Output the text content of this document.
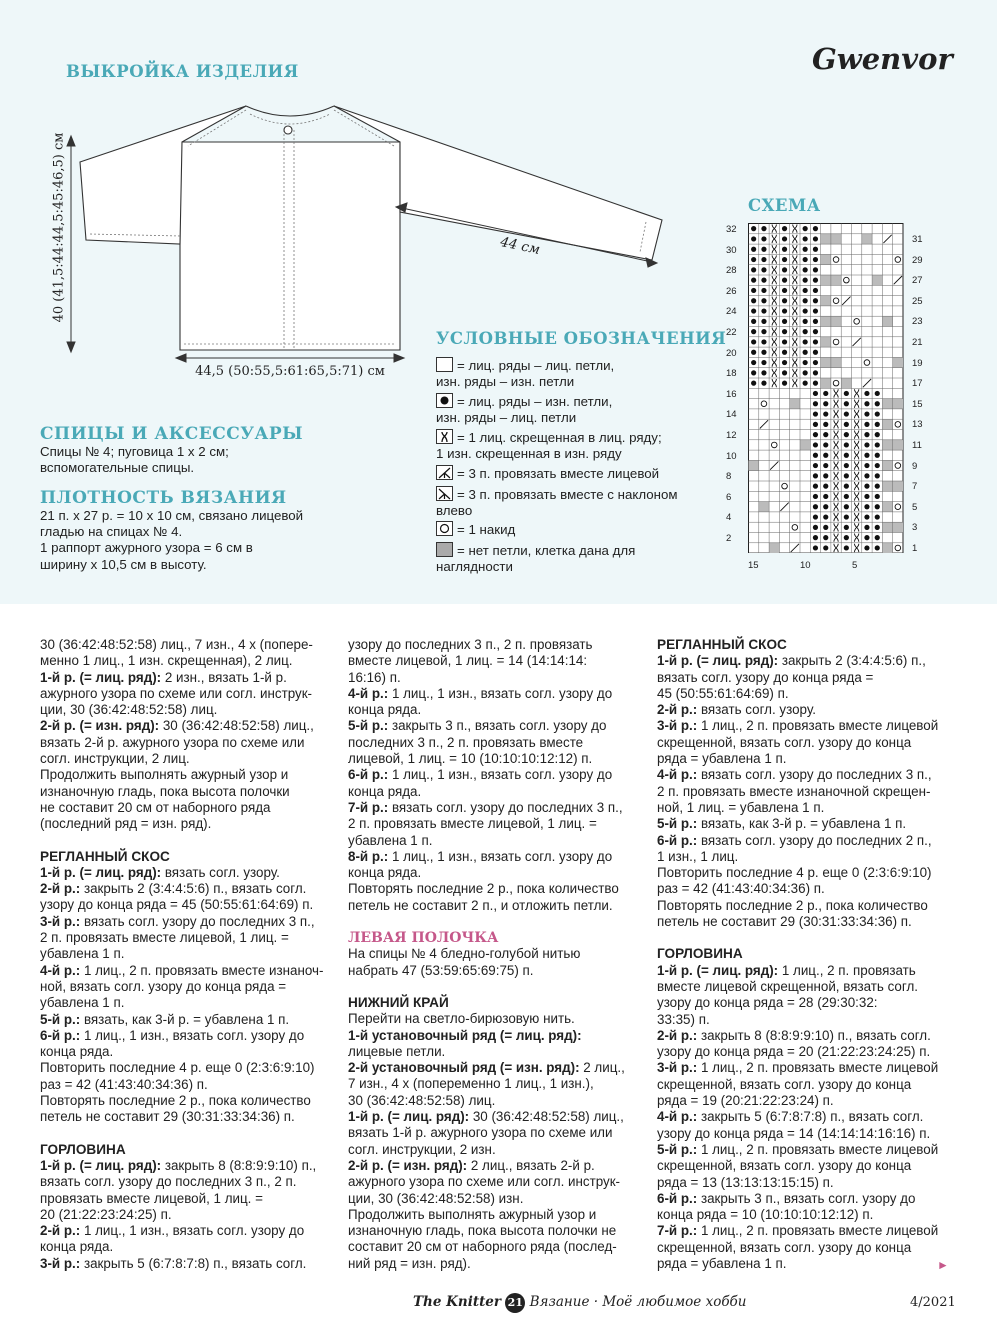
ВЫКРОЙКА ИЗДЕЛИЯ	Gwenvor
40 (41,5:44:44,5:45:46,5) см	44 см
44,5 (50:55,5:61:65,5:71) см
СХЕМА
32
30
28
26
24
22
20
18
16
14
12
10
8
6
4
2
31
29
27
25
23
21
19
17
15
13
11
9
7
5
3
1
15	10	5
УСЛОВНЫЕ ОБОЗНАЧЕНИЯ
= лиц. ряды – лиц. петли,
изн. ряды – изн. петли
= лиц. ряды – изн. петли,
изн. ряды – лиц. петли
= 1 лиц. скрещенная в лиц. ряду;
1 изн. скрещенная в изн. ряду
= 3 п. провязать вместе лицевой
= 3 п. провязать вместе с наклоном
влево
= 1 накид
= нет петли, клетка дана для
наглядности
СПИЦЫ И АКСЕССУАРЫ
Спицы № 4; пуговица 1 х 2 см;
вспомогательные спицы.
ПЛОТНОСТЬ ВЯЗАНИЯ
21 п. х 27 р. = 10 х 10 см, связано лицевой
гладью на спицах № 4.
1 раппорт ажурного узора = 6 см в
ширину х 10,5 см в высоту.

30 (36:42:48:52:58) лиц., 7 изн., 4 х (попере-
менно 1 лиц., 1 изн. скрещенная), 2 лиц.

1-й р. (= лиц. ряд): 2 изн., вязать 1-й р.
ажурного узора по схеме или согл. инструк-
ции, 30 (36:42:48:52:58) лиц.

2-й р. (= изн. ряд): 30 (36:42:48:52:58) лиц.,
вязать 2-й р. ажурного узора по схеме или
согл. инструкции, 2 лиц.

Продолжить выполнять ажурный узор и
изнаночную гладь, пока высота полочки
не составит 20 см от наборного ряда
(последний ряд = изн. ряд).

РЕГЛАННЫЙ СКОС

1-й р. (= лиц. ряд): вязать согл. узору.

2-й р.: закрыть 2 (3:4:4:5:6) п., вязать согл.
узору до конца ряда = 45 (50:55:61:64:69) п.

3-й р.: вязать согл. узору до последних 3 п.,
2 п. провязать вместе лицевой, 1 лиц. =
убавлена 1 п.

4-й р.: 1 лиц., 2 п. провязать вместе изнаноч-
ной, вязать согл. узору до конца ряда =
убавлена 1 п.

5-й р.: вязать, как 3-й р. = убавлена 1 п.

6-й р.: 1 лиц., 1 изн., вязать согл. узору до
конца ряда.

Повторить последние 4 р. еще 0 (2:3:6:9:10)
раз = 42 (41:43:40:34:36) п.
Повторять последние 2 р., пока количество
петель не составит 29 (30:31:33:34:36) п.

ГОРЛОВИНА

1-й р. (= лиц. ряд): закрыть 8 (8:8:9:9:10) п.,
вязать согл. узору до последних 3 п., 2 п.
провязать вместе лицевой, 1 лиц. =
20 (21:22:23:24:25) п.

2-й р.: 1 лиц., 1 изн., вязать согл. узору до
конца ряда.

3-й р.: закрыть 5 (6:7:8:7:8) п., вязать согл.

узору до последних 3 п., 2 п. провязать
вместе лицевой, 1 лиц. = 14 (14:14:14:
16:16) п.

4-й р.: 1 лиц., 1 изн., вязать согл. узору до
конца ряда.

5-й р.: закрыть 3 п., вязать согл. узору до
последних 3 п., 2 п. провязать вместе
лицевой, 1 лиц. = 10 (10:10:10:12:12) п.

6-й р.: 1 лиц., 1 изн., вязать согл. узору до
конца ряда.

7-й р.: вязать согл. узору до последних 3 п.,
2 п. провязать вместе лицевой, 1 лиц. =
убавлена 1 п.

8-й р.: 1 лиц., 1 изн., вязать согл. узору до
конца ряда.

Повторять последние 2 р., пока количество
петель не составит 2 п., и отложить петли.

ЛЕВАЯ ПОЛОЧКА

На спицы № 4 бледно-голубой нитью
набрать 47 (53:59:65:69:75) п.

НИЖНИЙ КРАЙ

Перейти на светло-бирюзовую нить.

1-й установочный ряд (= лиц. ряд):
лицевые петли.

2-й установочный ряд (= изн. ряд): 2 лиц.,
7 изн., 4 х (попеременно 1 лиц., 1 изн.),
30 (36:42:48:52:58) лиц.

1-й р. (= лиц. ряд): 30 (36:42:48:52:58) лиц.,
вязать 1-й р. ажурного узора по схеме или
согл. инструкции, 2 изн.

2-й р. (= изн. ряд): 2 лиц., вязать 2-й р.
ажурного узора по схеме или согл. инструк-
ции, 30 (36:42:48:52:58) изн.

Продолжить выполнять ажурный узор и
изнаночную гладь, пока высота полочки не
составит 20 см от наборного ряда (послед-
ний ряд = изн. ряд).

РЕГЛАННЫЙ СКОС

1-й р. (= лиц. ряд): закрыть 2 (3:4:4:5:6) п.,
вязать согл. узору до конца ряда =
45 (50:55:61:64:69) п.

2-й р.: вязать согл. узору.

3-й р.: 1 лиц., 2 п. провязать вместе лицевой
скрещенной, вязать согл. узору до конца
ряда = убавлена 1 п.

4-й р.: вязать согл. узору до последних 3 п.,
2 п. провязать вместе изнаночной скрещен-
ной, 1 лиц. = убавлена 1 п.

5-й р.: вязать, как 3-й р. = убавлена 1 п.

6-й р.: вязать согл. узору до последних 2 п.,
1 изн., 1 лиц.

Повторить последние 4 р. еще 0 (2:3:6:9:10)
раз = 42 (41:43:40:34:36) п.
Повторять последние 2 р., пока количество
петель не составит 29 (30:31:33:34:36) п.

ГОРЛОВИНА

1-й р. (= лиц. ряд): 1 лиц., 2 п. провязать
вместе лицевой скрещенной, вязать согл.
узору до конца ряда = 28 (29:30:32:
33:35) п.

2-й р.: закрыть 8 (8:8:9:9:10) п., вязать согл.
узору до конца ряда = 20 (21:22:23:24:25) п.

3-й р.: 1 лиц., 2 п. провязать вместе лицевой
скрещенной, вязать согл. узору до конца
ряда = 19 (20:21:22:23:24) п.

4-й р.: закрыть 5 (6:7:8:7:8) п., вязать согл.
узору до конца ряда = 14 (14:14:14:16:16) п.

5-й р.: 1 лиц., 2 п. провязать вместе лицевой
скрещенной, вязать согл. узору до конца
ряда = 13 (13:13:13:15:15) п.

6-й р.: закрыть 3 п., вязать согл. узору до
конца ряда = 10 (10:10:10:12:12) п.

7-й р.: 1 лиц., 2 п. провязать вместе лицевой
скрещенной, вязать согл. узору до конца
ряда = убавлена 1 п.	►
The Knitter 21 Вязание · Моё любимое хобби	4/2021
